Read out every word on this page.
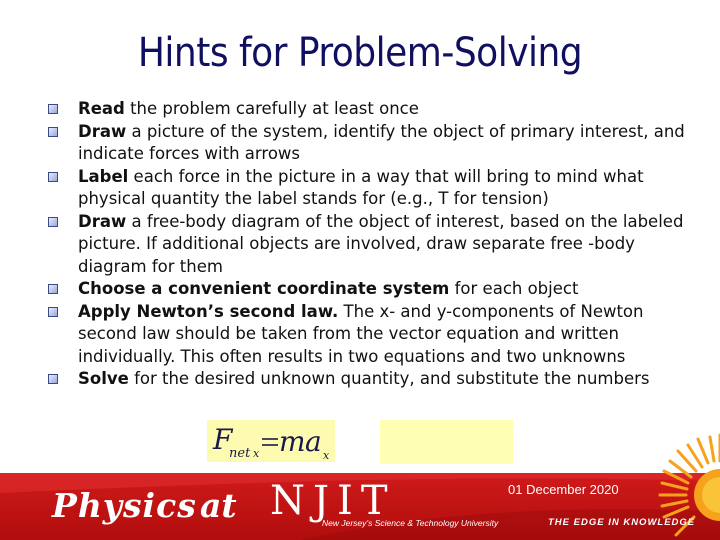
Hints for Problem-Solving
Read the problem carefully at least once
Draw a picture of the system, identify the object of primary interest, and indicate forces with arrows
Label each force in the picture in a way that will bring to mind what physical quantity the label stands for (e.g., T for tension)
Draw a free-body diagram of the object of interest, based on the labeled picture. If additional objects are involved, draw separate free -body diagram for them
Choose a convenient coordinate system for each object
Apply Newton’s second law. The x- and y-components of Newton second law should be taken from the vector equation and written individually. This often results in two equations and two unknowns
Solve for the desired unknown quantity, and substitute the numbers
F
net x m a x
Physics at NJIT
New Jersey’s Science & Technology University	THE EDGE IN KNOWLEDGE
01 December 2020
